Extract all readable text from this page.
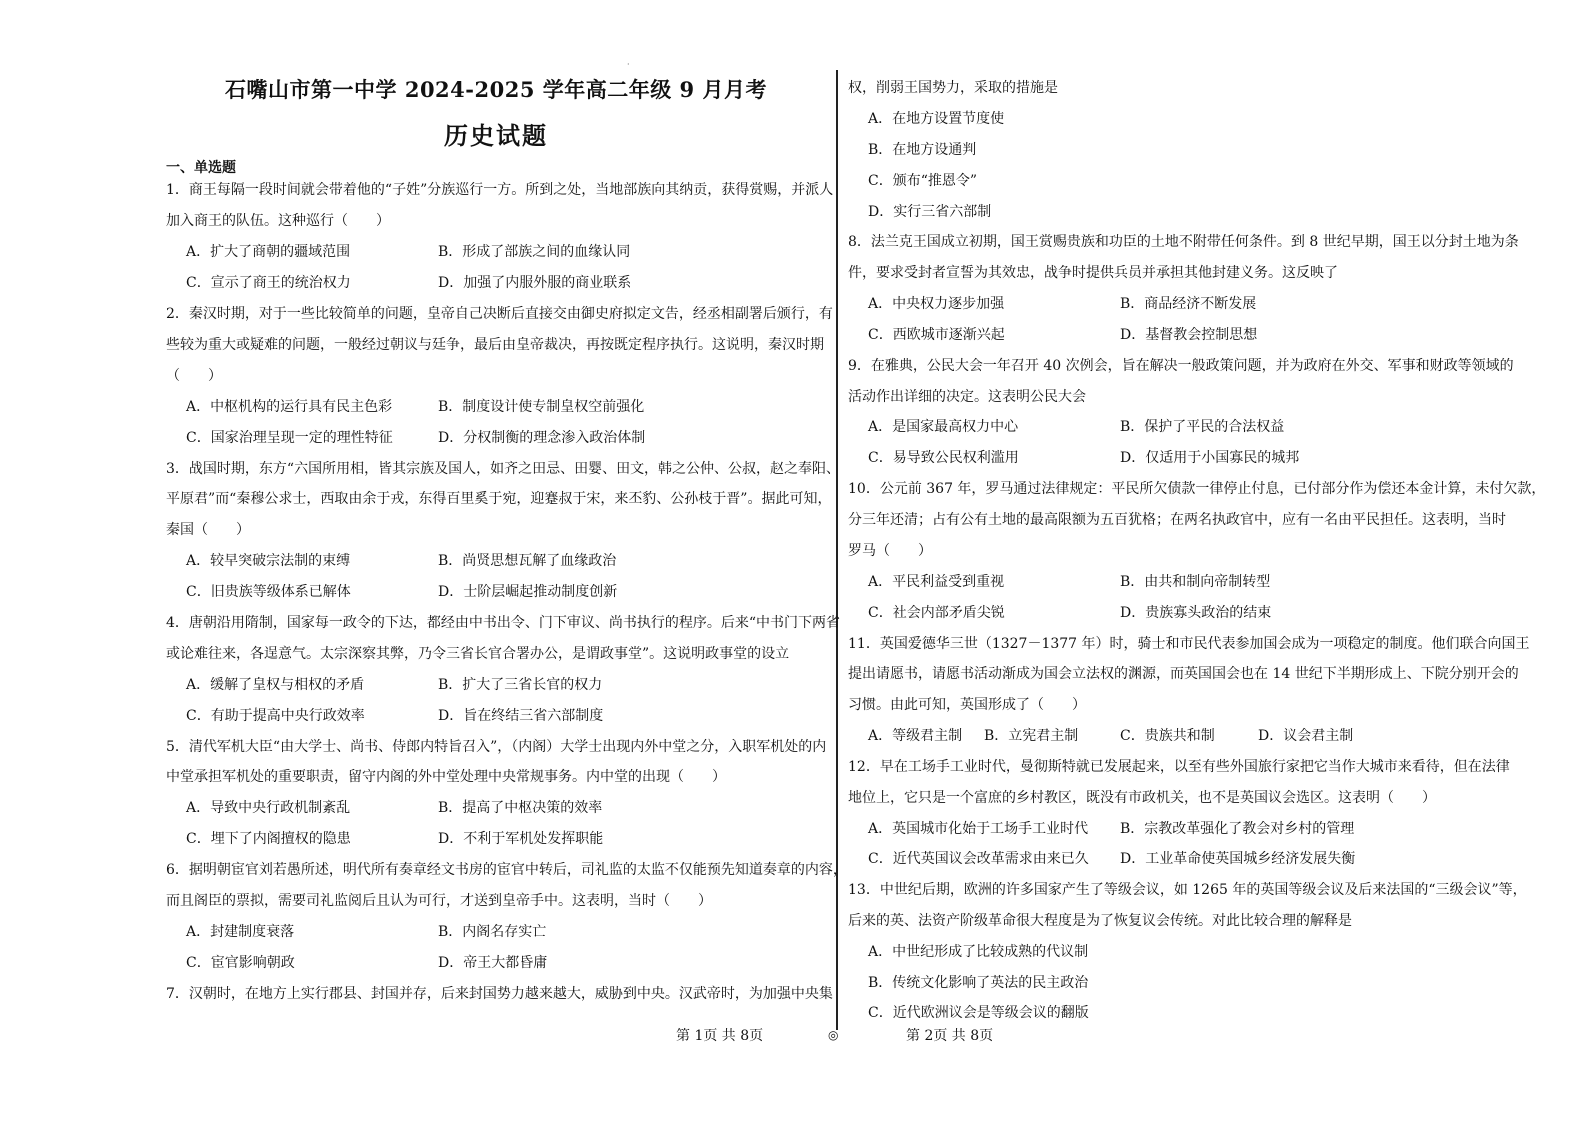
·
◎
石嘴山市第一中学 2024-2025 学年高二年级 9 月月考
历史试题
一、单选题
1．商王每隔一段时间就会带着他的“子姓”分族巡行一方。所到之处，当地部族向其纳贡，获得赏赐，并派人
加入商王的队伍。这种巡行（　　）
A．扩大了商朝的疆域范围	B．形成了部族之间的血缘认同
C．宣示了商王的统治权力	D．加强了内服外服的商业联系
2．秦汉时期，对于一些比较简单的问题，皇帝自己决断后直接交由御史府拟定文告，经丞相副署后颁行，有
些较为重大或疑难的问题，一般经过朝议与廷争，最后由皇帝裁决，再按既定程序执行。这说明，秦汉时期
（　　）
A．中枢机构的运行具有民主色彩	B．制度设计使专制皇权空前强化
C．国家治理呈现一定的理性特征	D．分权制衡的理念渗入政治体制
3．战国时期，东方“六国所用相，皆其宗族及国人，如齐之田忌、田婴、田文，韩之公仲、公叔，赵之奉阳、
平原君”而“秦穆公求士，西取由余于戎，东得百里奚于宛，迎蹇叔于宋，来丕豹、公孙枝于晋”。据此可知，
秦国（　　）
A．较早突破宗法制的束缚	B．尚贤思想瓦解了血缘政治
C．旧贵族等级体系已解体	D．士阶层崛起推动制度创新
4．唐朝沿用隋制，国家每一政令的下达，都经由中书出令、门下审议、尚书执行的程序。后来“中书门下两省
或论难往来，各逞意气。太宗深察其弊，乃令三省长官合署办公，是谓政事堂”。这说明政事堂的设立
A．缓解了皇权与相权的矛盾	B．扩大了三省长官的权力
C．有助于提高中央行政效率	D．旨在终结三省六部制度
5．清代军机大臣“由大学士、尚书、侍郎内特旨召入”，（内阁）大学士出现内外中堂之分，入职军机处的内
中堂承担军机处的重要职责，留守内阁的外中堂处理中央常规事务。内中堂的出现（　　）
A．导致中央行政机制紊乱	B．提高了中枢决策的效率
C．埋下了内阁擅权的隐患	D．不利于军机处发挥职能
6．据明朝宦官刘若愚所述，明代所有奏章经文书房的宦官中转后，司礼监的太监不仅能预先知道奏章的内容，
而且阁臣的票拟，需要司礼监阅后且认为可行，才送到皇帝手中。这表明，当时（　　）
A．封建制度衰落	B．内阁名存实亡
C．宦官影响朝政	D．帝王大都昏庸
7．汉朝时，在地方上实行郡县、封国并存，后来封国势力越来越大，威胁到中央。汉武帝时，为加强中央集
第 1页 共 8页
权，削弱王国势力，采取的措施是
A．在地方设置节度使
B．在地方设通判
C．颁布“推恩令”
D．实行三省六部制
8．法兰克王国成立初期，国王赏赐贵族和功臣的土地不附带任何条件。到 8 世纪早期，国王以分封土地为条
件，要求受封者宣誓为其效忠，战争时提供兵员并承担其他封建义务。这反映了
A．中央权力逐步加强	B．商品经济不断发展
C．西欧城市逐渐兴起	D．基督教会控制思想
9．在雅典，公民大会一年召开 40 次例会，旨在解决一般政策问题，并为政府在外交、军事和财政等领域的
活动作出详细的决定。这表明公民大会
A．是国家最高权力中心	B．保护了平民的合法权益
C．易导致公民权利滥用	D．仅适用于小国寡民的城邦
10．公元前 367 年，罗马通过法律规定：平民所欠债款一律停止付息，已付部分作为偿还本金计算，未付欠款，
分三年还清；占有公有土地的最高限额为五百犹格；在两名执政官中，应有一名由平民担任。这表明，当时
罗马（　　）
A．平民利益受到重视	B．由共和制向帝制转型
C．社会内部矛盾尖锐	D．贵族寡头政治的结束
11．英国爱德华三世（1327－1377 年）时，骑士和市民代表参加国会成为一项稳定的制度。他们联合向国王
提出请愿书，请愿书活动渐成为国会立法权的渊源，而英国国会也在 14 世纪下半期形成上、下院分别开会的
习惯。由此可知，英国形成了（　　）
A．等级君主制 B．立宪君主制	C．贵族共和制	D．议会君主制
12．早在工场手工业时代，曼彻斯特就已发展起来，以至有些外国旅行家把它当作大城市来看待，但在法律
地位上，它只是一个富庶的乡村教区，既没有市政机关，也不是英国议会选区。这表明（　　）
A．英国城市化始于工场手工业时代 B．宗教改革强化了教会对乡村的管理
C．近代英国议会改革需求由来已久 D．工业革命使英国城乡经济发展失衡
13．中世纪后期，欧洲的许多国家产生了等级会议，如 1265 年的英国等级会议及后来法国的“三级会议”等，
后来的英、法资产阶级革命很大程度是为了恢复议会传统。对此比较合理的解释是
A．中世纪形成了比较成熟的代议制
B．传统文化影响了英法的民主政治
C．近代欧洲议会是等级会议的翻版
第 2页 共 8页
